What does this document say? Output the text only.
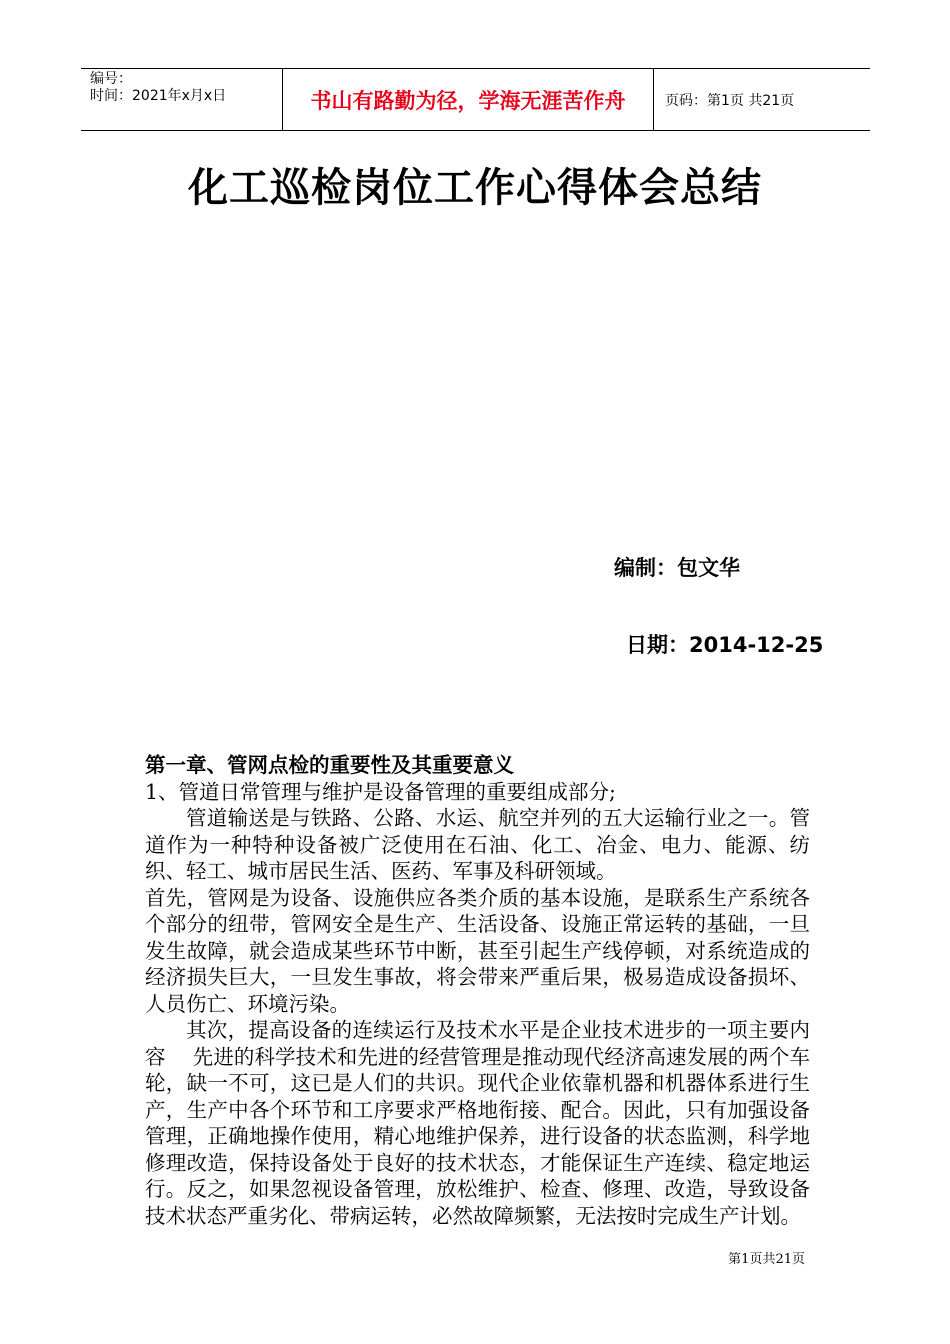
编号：
时间：2021年x月x日	书山有路勤为径，学海无涯苦作舟	页码：第1页 共21页
化工巡检岗位工作心得体会总结
编制：包文华
日期：2014-12-25

第一章、管网点检的重要性及其重要意义

1、管道日常管理与维护是设备管理的重要组成部分;

管道输送是与铁路、公路、水运、航空并列的五大运输行业之一。管道作为一种特种设备被广泛使用在石油、化工、冶金、电力、能源、纺织、轻工、城市居民生活、医药、军事及科研领域。

首先，管网是为设备、设施供应各类介质的基本设施，是联系生产系统各个部分的纽带，管网安全是生产、生活设备、设施正常运转的基础，一旦发生故障，就会造成某些环节中断，甚至引起生产线停顿，对系统造成的经济损失巨大，一旦发生事故，将会带来严重后果，极易造成设备损坏、人员伤亡、环境污染。

其次，提高设备的连续运行及技术水平是企业技术进步的一项主要内容　 先进的科学技术和先进的经营管理是推动现代经济高速发展的两个车轮，缺一不可，这已是人们的共识。现代企业依靠机器和机器体系进行生产，生产中各个环节和工序要求严格地衔接、配合。因此，只有加强设备管理，正确地操作使用，精心地维护保养，进行设备的状态监测，科学地修理改造，保持设备处于良好的技术状态，才能保证生产连续、稳定地运行。反之，如果忽视设备管理，放松维护、检查、修理、改造，导致设备技术状态严重劣化、带病运转，必然故障频繁，无法按时完成生产计划。

第1页共21页
